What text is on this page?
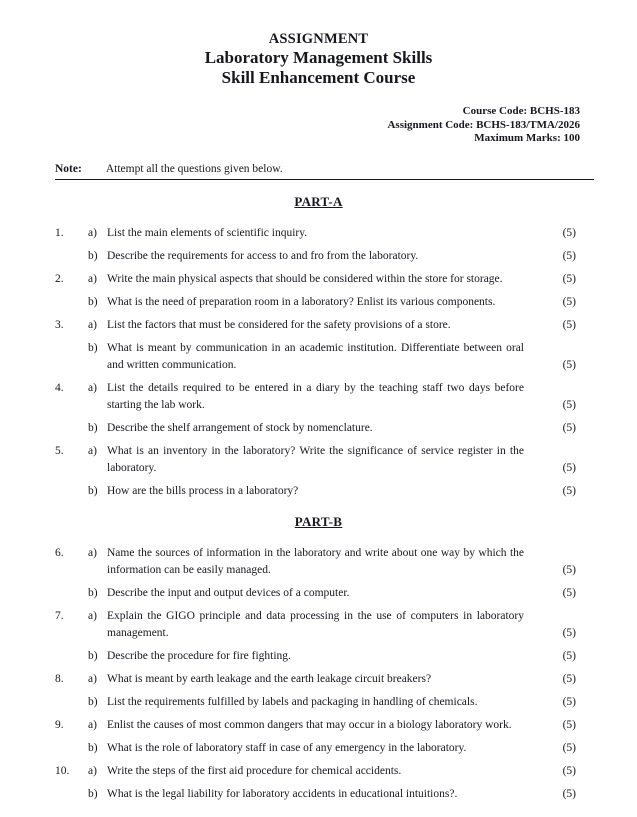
ASSIGNMENT
Laboratory Management Skills
Skill Enhancement Course
Course Code: BCHS-183
Assignment Code: BCHS-183/TMA/2026
Maximum Marks: 100
Note: Attempt all the questions given below.
PART-A
1.	a) List the main elements of scientific inquiry.	(5)
b) Describe the requirements for access to and fro from the laboratory.	(5)
2.	a) Write the main physical aspects that should be considered within the store for storage.	(5)
b) What is the need of preparation room in a laboratory? Enlist its various components.	(5)
3.	a) List the factors that must be considered for the safety provisions of a store.	(5)
b) What is meant by communication in an academic institution. Differentiate between oral and written communication.	(5)
4.	a) List the details required to be entered in a diary by the teaching staff two days before starting the lab work.	(5)
b) Describe the shelf arrangement of stock by nomenclature.	(5)
5.	a) What is an inventory in the laboratory? Write the significance of service register in the laboratory.	(5)
b) How are the bills process in a laboratory?	(5)
PART-B
6.	a) Name the sources of information in the laboratory and write about one way by which the information can be easily managed.	(5)
b) Describe the input and output devices of a computer.	(5)
7.	a) Explain the GIGO principle and data processing in the use of computers in laboratory management.	(5)
b) Describe the procedure for fire fighting.	(5)
8.	a) What is meant by earth leakage and the earth leakage circuit breakers?	(5)
b) List the requirements fulfilled by labels and packaging in handling of chemicals.	(5)
9.	a) Enlist the causes of most common dangers that may occur in a biology laboratory work.	(5)
b) What is the role of laboratory staff in case of any emergency in the laboratory.	(5)
10.	a) Write the steps of the first aid procedure for chemical accidents.	(5)
b) What is the legal liability for laboratory accidents in educational intuitions?.	(5)
